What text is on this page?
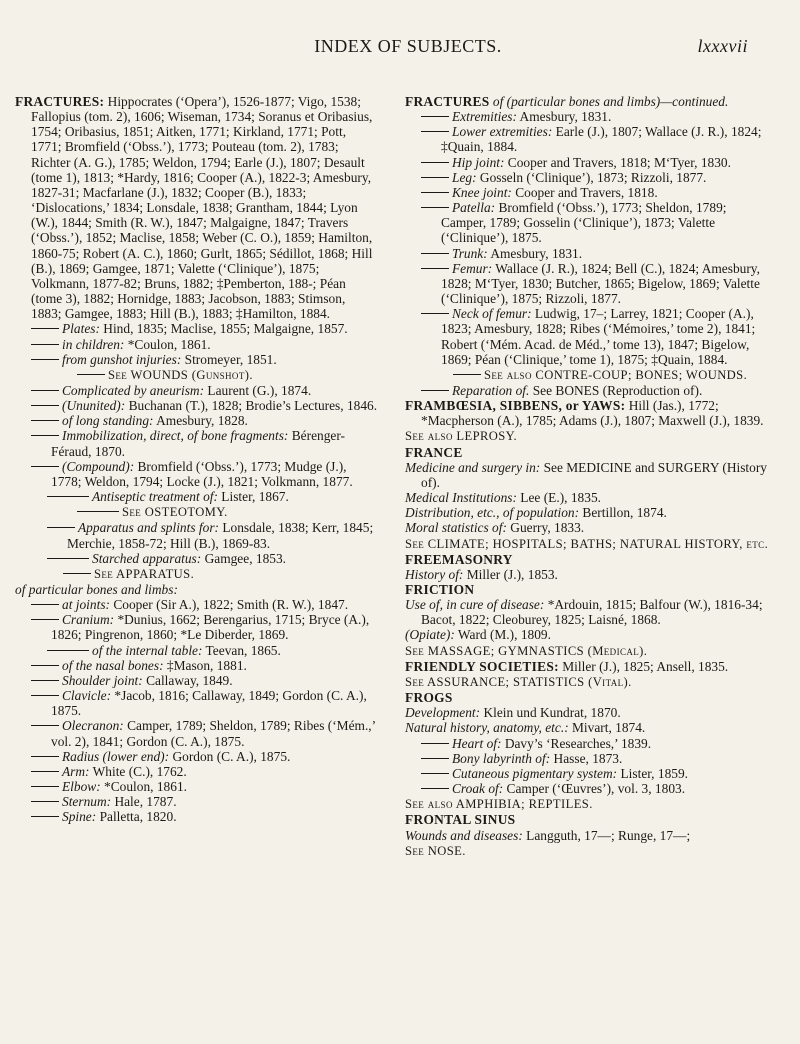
INDEX OF SUBJECTS.	lxxxvii

FRACTURES: Hippocrates (‘Opera’), 1526-1877; Vigo, 1538; Fallopius (tom. 2), 1606; Wiseman, 1734; Soranus et Oribasius, 1754; Oribasius, 1851; Aitken, 1771; Kirkland, 1771; Pott, 1771; Bromfield (‘Obss.’), 1773; Pouteau (tom. 2), 1783; Richter (A. G.), 1785; Weldon, 1794; Earle (J.), 1807; Desault (tome 1), 1813; *Hardy, 1816; Cooper (A.), 1822-3; Amesbury, 1827-31; Macfarlane (J.), 1832; Cooper (B.), 1833; ‘Dislocations,’ 1834; Lonsdale, 1838; Grantham, 1844; Lyon (W.), 1844; Smith (R. W.), 1847; Malgaigne, 1847; Travers (‘Obss.’), 1852; Maclise, 1858; Weber (C. O.), 1859; Hamilton, 1860-75; Robert (A. C.), 1860; Gurlt, 1865; Sédillot, 1868; Hill (B.), 1869; Gamgee, 1871; Valette (‘Clinique’), 1875; Volkmann, 1877-82; Bruns, 1882; ‡Pemberton, 188-; Péan (tome 3), 1882; Hornidge, 1883; Jacobson, 1883; Stimson, 1883; Gamgee, 1883; Hill (B.), 1883; ‡Hamilton, 1884.

Plates: Hind, 1835; Maclise, 1855; Malgaigne, 1857.

in children: *Coulon, 1861.

from gunshot injuries: Stromeyer, 1851.

See WOUNDS (Gunshot).

Complicated by aneurism: Laurent (G.), 1874.

(Ununited): Buchanan (T.), 1828; Brodie’s Lectures, 1846.

of long standing: Amesbury, 1828.

Immobilization, direct, of bone fragments: Bérenger-Féraud, 1870.

(Compound): Bromfield (‘Obss.’), 1773; Mudge (J.), 1778; Weldon, 1794; Locke (J.), 1821; Volkmann, 1877.

Antiseptic treatment of: Lister, 1867.

See OSTEOTOMY.

Apparatus and splints for: Lonsdale, 1838; Kerr, 1845; Merchie, 1858-72; Hill (B.), 1869-83.

Starched apparatus: Gamgee, 1853.

See APPARATUS.

of particular bones and limbs:

at joints: Cooper (Sir A.), 1822; Smith (R. W.), 1847.

Cranium: *Dunius, 1662; Berengarius, 1715; Bryce (A.), 1826; Pingrenon, 1860; *Le Diberder, 1869.

of the internal table: Teevan, 1865.

of the nasal bones: ‡Mason, 1881.

Shoulder joint: Callaway, 1849.

Clavicle: *Jacob, 1816; Callaway, 1849; Gordon (C. A.), 1875.

Olecranon: Camper, 1789; Sheldon, 1789; Ribes (‘Mém.,’ vol. 2), 1841; Gordon (C. A.), 1875.

Radius (lower end): Gordon (C. A.), 1875.

Arm: White (C.), 1762.

Elbow: *Coulon, 1861.

Sternum: Hale, 1787.

Spine: Palletta, 1820.

FRACTURES of (particular bones and limbs)—continued.

Extremities: Amesbury, 1831.

Lower extremities: Earle (J.), 1807; Wallace (J. R.), 1824; ‡Quain, 1884.

Hip joint: Cooper and Travers, 1818; M‘Tyer, 1830.

Leg: Gosseln (‘Clinique’), 1873; Rizzoli, 1877.

Knee joint: Cooper and Travers, 1818.

Patella: Bromfield (‘Obss.’), 1773; Sheldon, 1789; Camper, 1789; Gosselin (‘Clinique’), 1873; Valette (‘Clinique’), 1875.

Trunk: Amesbury, 1831.

Femur: Wallace (J. R.), 1824; Bell (C.), 1824; Amesbury, 1828; M‘Tyer, 1830; Butcher, 1865; Bigelow, 1869; Valette (‘Clinique’), 1875; Rizzoli, 1877.

Neck of femur: Ludwig, 17–; Larrey, 1821; Cooper (A.), 1823; Amesbury, 1828; Ribes (‘Mémoires,’ tome 2), 1841; Robert (‘Mém. Acad. de Méd.,’ tome 13), 1847; Bigelow, 1869; Péan (‘Clinique,’ tome 1), 1875; ‡Quain, 1884.

See also CONTRE-COUP; BONES; WOUNDS.

Reparation of. See BONES (Reproduction of).

FRAMBŒSIA, SIBBENS, or YAWS: Hill (Jas.), 1772; *Macpherson (A.), 1785; Adams (J.), 1807; Maxwell (J.), 1839.

See also LEPROSY.

FRANCE

Medicine and surgery in: See MEDICINE and SURGERY (History of).

Medical Institutions: Lee (E.), 1835.

Distribution, etc., of population: Bertillon, 1874.

Moral statistics of: Guerry, 1833.

See CLIMATE; HOSPITALS; BATHS; NATURAL HISTORY, etc.

FREEMASONRY

History of: Miller (J.), 1853.

FRICTION

Use of, in cure of disease: *Ardouin, 1815; Balfour (W.), 1816-34; Bacot, 1822; Cleoburey, 1825; Laisné, 1868.

(Opiate): Ward (M.), 1809.

See MASSAGE; GYMNASTICS (Medical).

FRIENDLY SOCIETIES: Miller (J.), 1825; Ansell, 1835.

See ASSURANCE; STATISTICS (Vital).

FROGS

Development: Klein und Kundrat, 1870.

Natural history, anatomy, etc.: Mivart, 1874.

Heart of: Davy’s ‘Researches,’ 1839.

Bony labyrinth of: Hasse, 1873.

Cutaneous pigmentary system: Lister, 1859.

Croak of: Camper (‘Œuvres’), vol. 3, 1803.

See also AMPHIBIA; REPTILES.

FRONTAL SINUS

Wounds and diseases: Langguth, 17—; Runge, 17—;

See NOSE.
